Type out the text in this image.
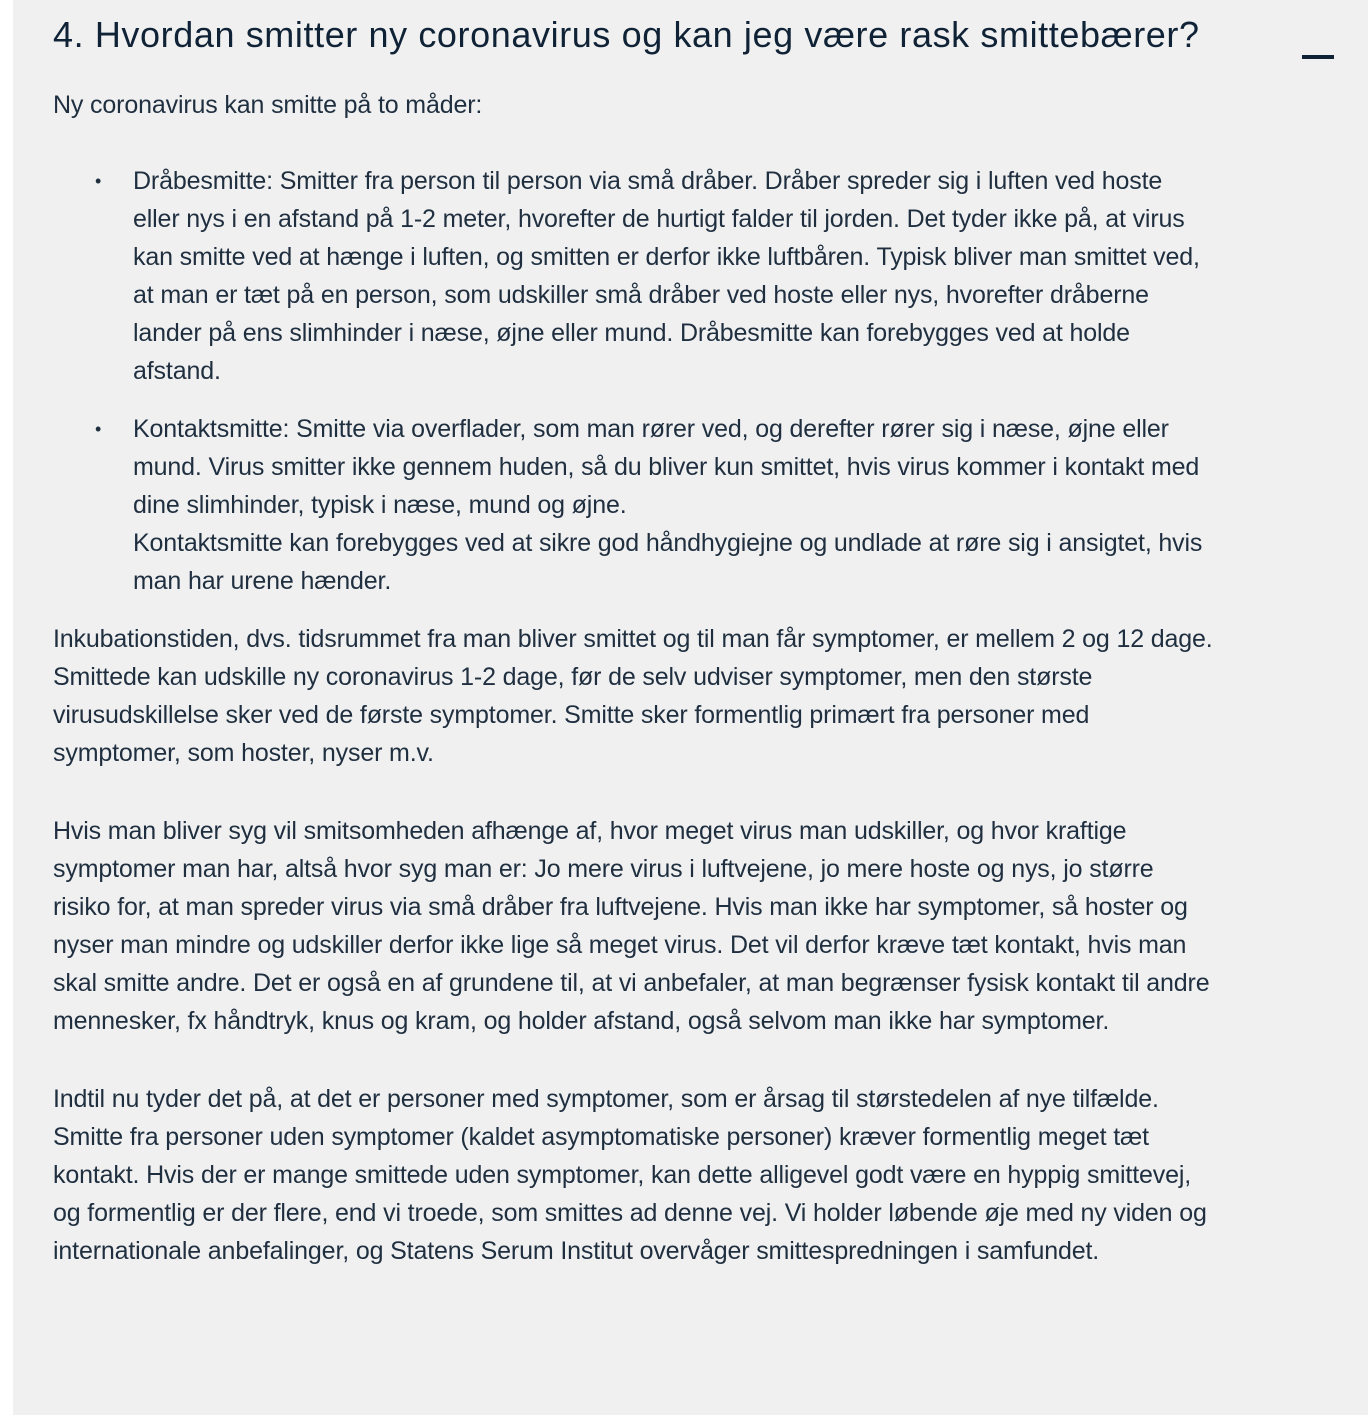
4. Hvordan smitter ny coronavirus og kan jeg være rask smittebærer?

Ny coronavirus kan smitte på to måder:

• Dråbesmitte: Smitter fra person til person via små dråber. Dråber spreder sig i luften ved hoste eller nys i en afstand på 1-2 meter, hvorefter de hurtigt falder til jorden. Det tyder ikke på, at virus kan smitte ved at hænge i luften, og smitten er derfor ikke luftbåren. Typisk bliver man smittet ved, at man er tæt på en person, som udskiller små dråber ved hoste eller nys, hvorefter dråberne lander på ens slimhinder i næse, øjne eller mund. Dråbesmitte kan forebygges ved at holde afstand.

• Kontaktsmitte: Smitte via overflader, som man rører ved, og derefter rører sig i næse, øjne eller mund. Virus smitter ikke gennem huden, så du bliver kun smittet, hvis virus kommer i kontakt med dine slimhinder, typisk i næse, mund og øjne.

Kontaktsmitte kan forebygges ved at sikre god håndhygiejne og undlade at røre sig i ansigtet, hvis man har urene hænder.

Inkubationstiden, dvs. tidsrummet fra man bliver smittet og til man får symptomer, er mellem 2 og 12 dage. Smittede kan udskille ny coronavirus 1-2 dage, før de selv udviser symptomer, men den største virusudskillelse sker ved de første symptomer. Smitte sker formentlig primært fra personer med symptomer, som hoster, nyser m.v.

Hvis man bliver syg vil smitsomheden afhænge af, hvor meget virus man udskiller, og hvor kraftige symptomer man har, altså hvor syg man er: Jo mere virus i luftvejene, jo mere hoste og nys, jo større risiko for, at man spreder virus via små dråber fra luftvejene. Hvis man ikke har symptomer, så hoster og nyser man mindre og udskiller derfor ikke lige så meget virus. Det vil derfor kræve tæt kontakt, hvis man skal smitte andre. Det er også en af grundene til, at vi anbefaler, at man begrænser fysisk kontakt til andre mennesker, fx håndtryk, knus og kram, og holder afstand, også selvom man ikke har symptomer.

Indtil nu tyder det på, at det er personer med symptomer, som er årsag til størstedelen af nye tilfælde. Smitte fra personer uden symptomer (kaldet asymptomatiske personer) kræver formentlig meget tæt kontakt. Hvis der er mange smittede uden symptomer, kan dette alligevel godt være en hyppig smittevej, og formentlig er der flere, end vi troede, som smittes ad denne vej. Vi holder løbende øje med ny viden og internationale anbefalinger, og Statens Serum Institut overvåger smittespredningen i samfundet.
